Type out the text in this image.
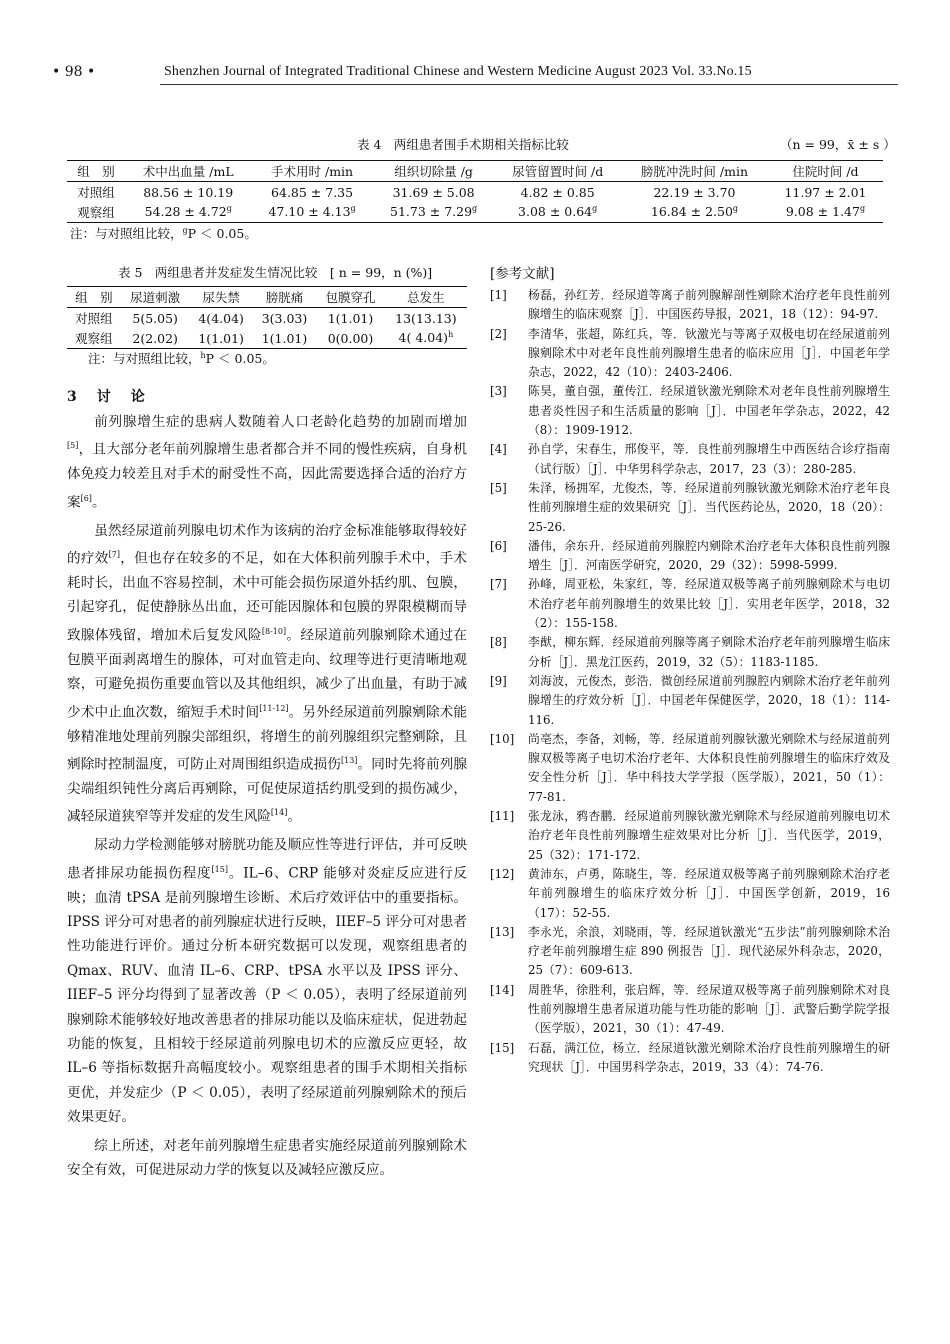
• 98 •	Shenzhen Journal of Integrated Traditional Chinese and Western Medicine August 2023 Vol. 33.No.15
表 4　两组患者围手术期相关指标比较	（n = 99，x̄ ± s ）
组　别	术中出血量 /mL	手术用时 /min	组织切除量 /g	尿管留置时间 /d	膀胱冲洗时间 /min	住院时间 /d
对照组	88.56 ± 10.19	64.85 ± 7.35	31.69 ± 5.08	4.82 ± 0.85	22.19 ± 3.70	11.97 ± 2.01
观察组	54.28 ± 4.72$^g$	47.10 ± 4.13$^g$	51.73 ± 7.29$^g$	3.08 ± 0.64$^g$	16.84 ± 2.50$^g$	9.08 ± 1.47$^g$
注：与对照组比较，$^g$P ＜ 0.05。
表 5　两组患者并发症发生情况比较　[ n = 99，n (%)]
组　别	尿道刺激	尿失禁	膀胱痛	包膜穿孔	总发生
对照组	5(5.05)	4(4.04)	3(3.03)	1(1.01)	13(13.13)
观察组	2(2.02)	1(1.01)	1(1.01)	0(0.00)	4( 4.04)$^h$
注：与对照组比较，$^h$P ＜ 0.05。
3　讨　论

前列腺增生症的患病人数随着人口老龄化趋势的加剧而增加[5]，且大部分老年前列腺增生患者都合并不同的慢性疾病，自身机体免疫力较差且对手术的耐受性不高，因此需要选择合适的治疗方案[6]。

虽然经尿道前列腺电切术作为该病的治疗金标准能够取得较好的疗效[7]，但也存在较多的不足，如在大体积前列腺手术中，手术耗时长，出血不容易控制，术中可能会损伤尿道外括约肌、包膜，引起穿孔，促使静脉丛出血，还可能因腺体和包膜的界限模糊而导致腺体残留，增加术后复发风险[8-10]。经尿道前列腺剜除术通过在包膜平面剥离增生的腺体，可对血管走向、纹理等进行更清晰地观察，可避免损伤重要血管以及其他组织，减少了出血量，有助于减少术中止血次数，缩短手术时间[11-12]。另外经尿道前列腺剜除术能够精准地处理前列腺尖部组织，将增生的前列腺组织完整剜除，且剜除时控制温度，可防止对周围组织造成损伤[13]。同时先将前列腺尖端组织钝性分离后再剜除，可促使尿道括约肌受到的损伤减少，减轻尿道狭窄等并发症的发生风险[14]。

尿动力学检测能够对膀胱功能及顺应性等进行评估，并可反映患者排尿功能损伤程度[15]。IL–6、CRP 能够对炎症反应进行反映；血清 tPSA 是前列腺增生诊断、术后疗效评估中的重要指标。IPSS 评分可对患者的前列腺症状进行反映，IIEF–5 评分可对患者性功能进行评价。通过分析本研究数据可以发现，观察组患者的 Qmax、RUV、血清 IL–6、CRP、tPSA 水平以及 IPSS 评分、IIEF–5 评分均得到了显著改善（P ＜ 0.05），表明了经尿道前列腺剜除术能够较好地改善患者的排尿功能以及临床症状，促进勃起功能的恢复，且相较于经尿道前列腺电切术的应激反应更轻，故 IL–6 等指标数据升高幅度较小。观察组患者的围手术期相关指标更优，并发症少（P ＜ 0.05），表明了经尿道前列腺剜除术的预后效果更好。

综上所述，对老年前列腺增生症患者实施经尿道前列腺剜除术安全有效，可促进尿动力学的恢复以及减轻应激反应。

[参考文献]
[1]	杨磊，孙红芳．经尿道等离子前列腺解剖性剜除术治疗老年良性前列腺增生的临床观察［J］．中国医药导报，2021，18（12）：94-97.
[2]	李清华，张超，陈红兵，等．钬激光与等离子双极电切在经尿道前列腺剜除术中对老年良性前列腺增生患者的临床应用［J］．中国老年学杂志，2022，42（10）：2403-2406.
[3]	陈昊，董自强，董传江．经尿道钬激光剜除术对老年良性前列腺增生患者炎性因子和生活质量的影响［J］．中国老年学杂志，2022，42（8）：1909-1912.
[4]	孙自学，宋春生，邢俊平，等．良性前列腺增生中西医结合诊疗指南（试行版）［J］．中华男科学杂志，2017，23（3）：280-285.
[5]	朱泽，杨拥军，尤俊杰，等．经尿道前列腺钬激光剜除术治疗老年良性前列腺增生症的效果研究［J］．当代医药论丛，2020，18（20）：25-26.
[6]	潘伟，余东升．经尿道前列腺腔内剜除术治疗老年大体积良性前列腺增生［J］．河南医学研究，2020，29（32）：5998-5999.
[7]	孙峰，周亚松，朱家红，等．经尿道双极等离子前列腺剜除术与电切术治疗老年前列腺增生的效果比较［J］．实用老年医学，2018，32（2）：155-158.
[8]	李猷，柳东辉．经尿道前列腺等离子剜除术治疗老年前列腺增生临床分析［J］．黑龙江医药，2019，32（5）：1183-1185.
[9]	刘海波，元俊杰，彭浩．微创经尿道前列腺腔内剜除术治疗老年前列腺增生的疗效分析［J］．中国老年保健医学，2020，18（1）：114-116.
[10]	尚亳杰，李备，刘畅，等．经尿道前列腺钬激光剜除术与经尿道前列腺双极等离子电切术治疗老年、大体积良性前列腺增生的临床疗效及安全性分析［J］．华中科技大学学报（医学版），2021，50（1）：77-81.
[11]	张龙泳，鸦杏鹏．经尿道前列腺钬激光剜除术与经尿道前列腺电切术治疗老年良性前列腺增生症效果对比分析［J］．当代医学，2019，25（32）：171-172.
[12]	黄沛东，卢勇，陈晓生，等．经尿道双极等离子前列腺剜除术治疗老年前列腺增生的临床疗效分析［J］．中国医学创新，2019，16（17）：52-55.
[13]	李永光，余浪，刘晓雨，等．经尿道钬激光“五步法”前列腺剜除术治疗老年前列腺增生症 890 例报告［J］．现代泌尿外科杂志，2020，25（7）：609-613.
[14]	周胜华，徐胜利，张启辉，等．经尿道双极等离子前列腺剜除术对良性前列腺增生患者尿道功能与性功能的影响［J］．武警后勤学院学报（医学版），2021，30（1）：47-49.
[15]	石磊，满江位，杨立．经尿道钬激光剜除术治疗良性前列腺增生的研究现状［J］．中国男科学杂志，2019，33（4）：74-76.
